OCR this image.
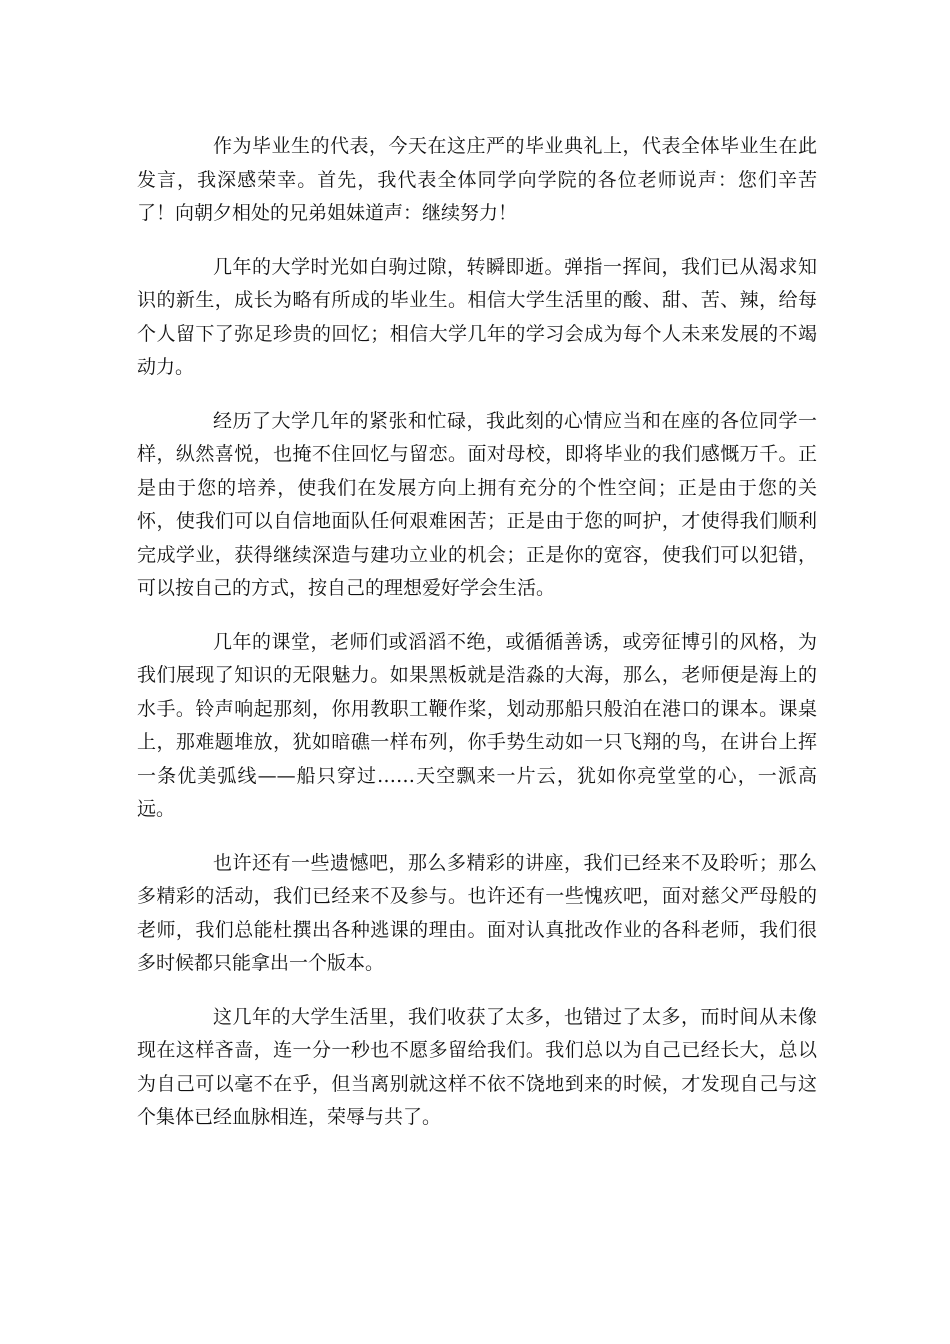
作为毕业生的代表，今天在这庄严的毕业典礼上，代表全体毕业生在此发言，我深感荣幸。首先，我代表全体同学向学院的各位老师说声：您们辛苦了！向朝夕相处的兄弟姐妹道声：继续努力！

几年的大学时光如白驹过隙，转瞬即逝。弹指一挥间，我们已从渴求知识的新生，成长为略有所成的毕业生。相信大学生活里的酸、甜、苦、辣，给每个人留下了弥足珍贵的回忆；相信大学几年的学习会成为每个人未来发展的不竭动力。

经历了大学几年的紧张和忙碌，我此刻的心情应当和在座的各位同学一样，纵然喜悦，也掩不住回忆与留恋。面对母校，即将毕业的我们感慨万千。正是由于您的培养，使我们在发展方向上拥有充分的个性空间；正是由于您的关怀，使我们可以自信地面队任何艰难困苦；正是由于您的呵护，才使得我们顺利完成学业，获得继续深造与建功立业的机会；正是你的宽容，使我们可以犯错，可以按自己的方式，按自己的理想爱好学会生活。

几年的课堂，老师们或滔滔不绝，或循循善诱，或旁征博引的风格，为我们展现了知识的无限魅力。如果黑板就是浩淼的大海，那么，老师便是海上的水手。铃声响起那刻，你用教职工鞭作桨，划动那船只般泊在港口的课本。课桌上，那难题堆放，犹如暗礁一样布列，你手势生动如一只飞翔的鸟，在讲台上挥一条优美弧线——船只穿过……天空飘来一片云，犹如你亮堂堂的心，一派高远。

也许还有一些遗憾吧，那么多精彩的讲座，我们已经来不及聆听；那么多精彩的活动，我们已经来不及参与。也许还有一些愧疚吧，面对慈父严母般的老师，我们总能杜撰出各种逃课的理由。面对认真批改作业的各科老师，我们很多时候都只能拿出一个版本。

这几年的大学生活里，我们收获了太多，也错过了太多，而时间从未像现在这样吝啬，连一分一秒也不愿多留给我们。我们总以为自己已经长大，总以为自己可以毫不在乎，但当离别就这样不依不饶地到来的时候，才发现自己与这个集体已经血脉相连，荣辱与共了。
